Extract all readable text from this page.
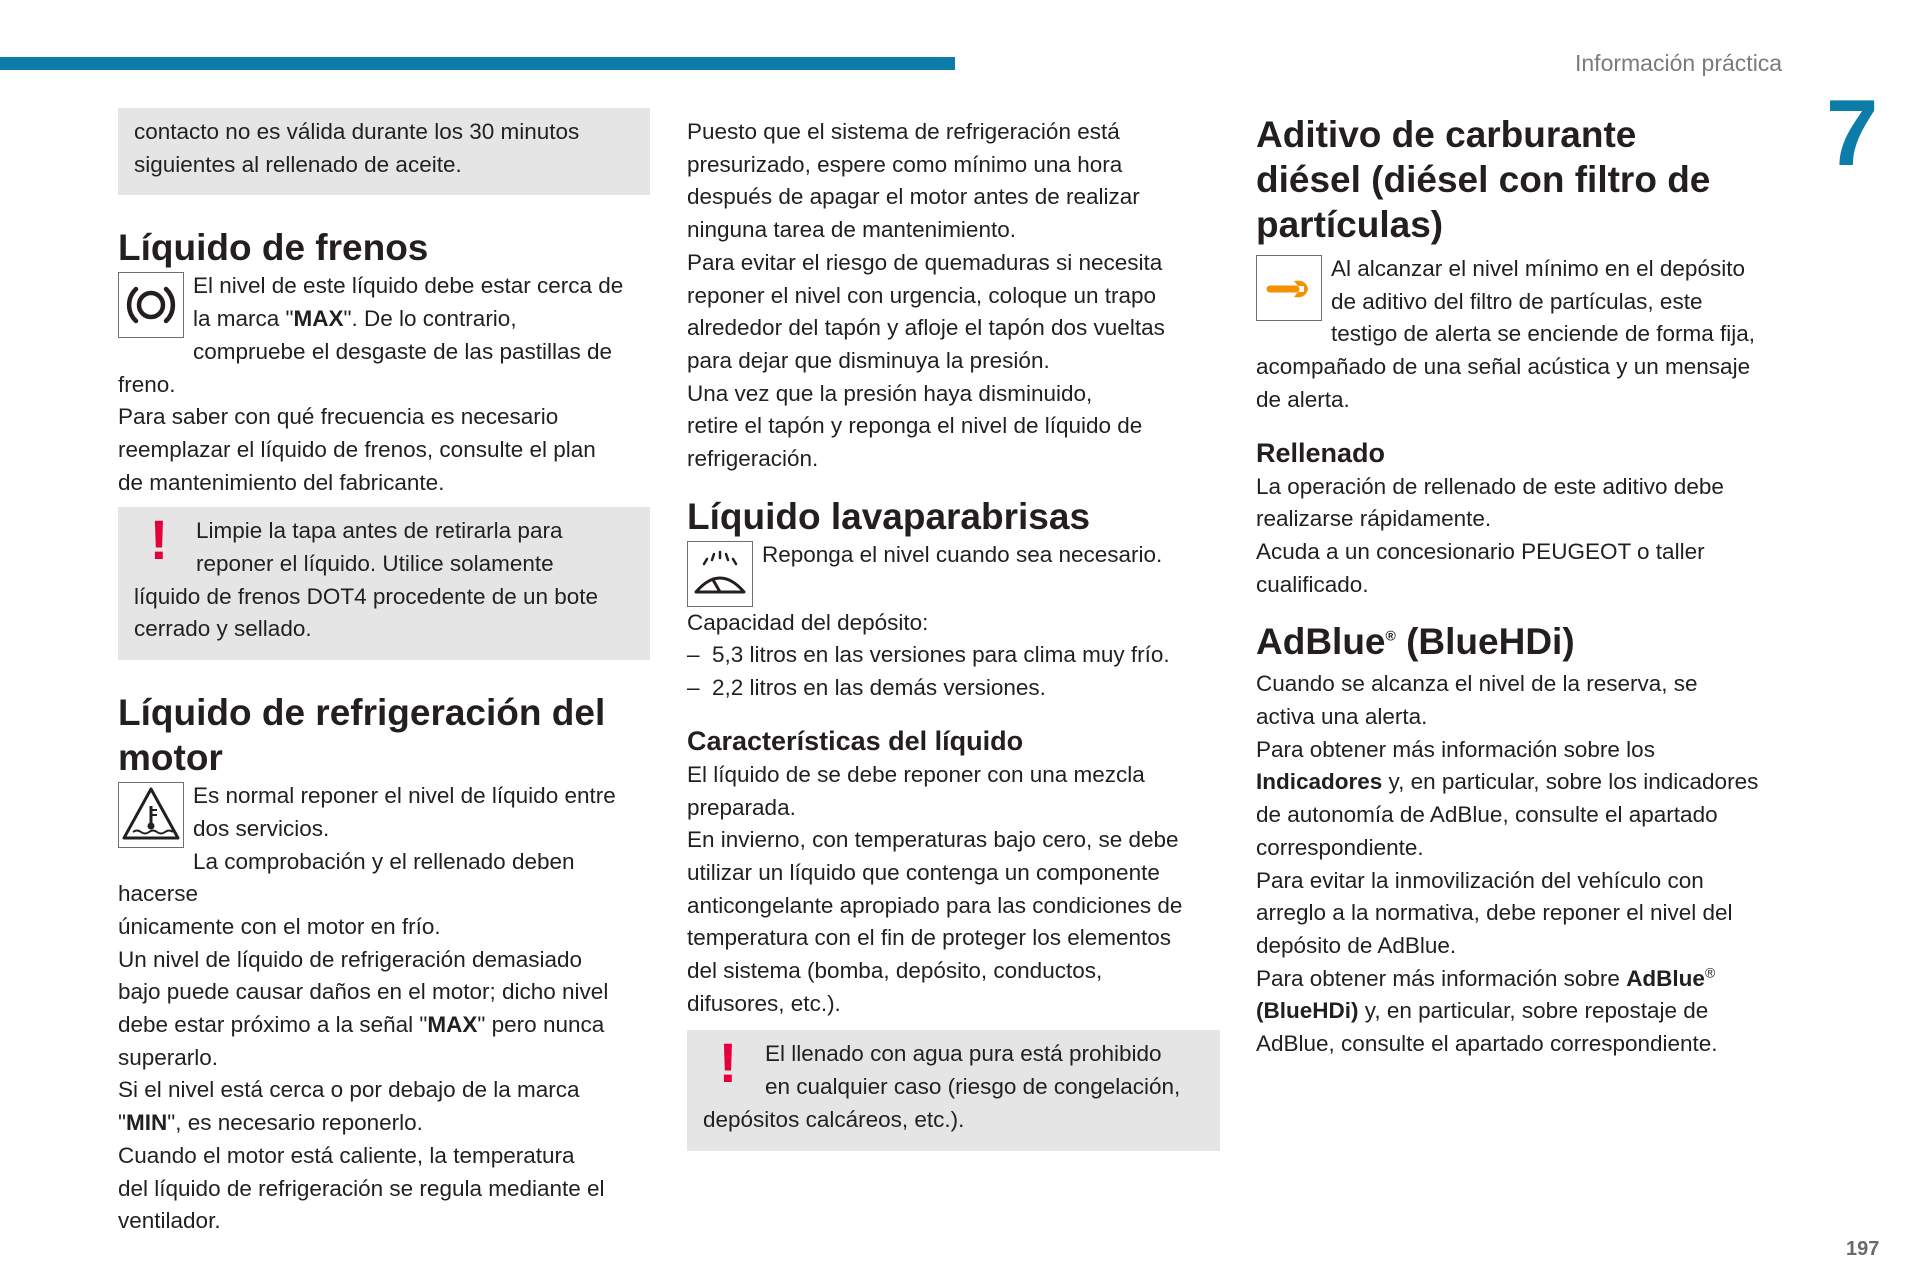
Información práctica
7
197

contacto no es válida durante los 30 minutos

siguientes al rellenado de aceite.

Líquido de frenos

El nivel de este líquido debe estar cerca de

la marca "MAX". De lo contrario,

compruebe el desgaste de las pastillas de freno.

Para saber con qué frecuencia es necesario

reemplazar el líquido de frenos, consulte el plan

de mantenimiento del fabricante.

!	Limpie la tapa antes de retirarla para

reponer el líquido. Utilice solamente

líquido de frenos DOT4 procedente de un bote

cerrado y sellado.

Líquido de refrigeración del
motor

Es normal reponer el nivel de líquido entre

dos servicios.

La comprobación y el rellenado deben hacerse

únicamente con el motor en frío.

Un nivel de líquido de refrigeración demasiado

bajo puede causar daños en el motor; dicho nivel

debe estar próximo a la señal "MAX" pero nunca

superarlo.

Si el nivel está cerca o por debajo de la marca

"MIN", es necesario reponerlo.

Cuando el motor está caliente, la temperatura

del líquido de refrigeración se regula mediante el

ventilador.

Puesto que el sistema de refrigeración está

presurizado, espere como mínimo una hora

después de apagar el motor antes de realizar

ninguna tarea de mantenimiento.

Para evitar el riesgo de quemaduras si necesita

reponer el nivel con urgencia, coloque un trapo

alrededor del tapón y afloje el tapón dos vueltas

para dejar que disminuya la presión.

Una vez que la presión haya disminuido,

retire el tapón y reponga el nivel de líquido de

refrigeración.

Líquido lavaparabrisas

Reponga el nivel cuando sea necesario.

Capacidad del depósito:

– 5,3 litros en las versiones para clima muy frío.
– 2,2 litros en las demás versiones.
Características del líquido

El líquido de se debe reponer con una mezcla

preparada.

En invierno, con temperaturas bajo cero, se debe

utilizar un líquido que contenga un componente

anticongelante apropiado para las condiciones de

temperatura con el fin de proteger los elementos

del sistema (bomba, depósito, conductos,

difusores, etc.).

!	El llenado con agua pura está prohibido

en cualquier caso (riesgo de congelación,

depósitos calcáreos, etc.).

Aditivo de carburante
diésel (diésel con filtro de
partículas)

Al alcanzar el nivel mínimo en el depósito

de aditivo del filtro de partículas, este

testigo de alerta se enciende de forma fija,

acompañado de una señal acústica y un mensaje

de alerta.

Rellenado

La operación de rellenado de este aditivo debe

realizarse rápidamente.

Acuda a un concesionario PEUGEOT o taller

cualificado.

AdBlue® (BlueHDi)

Cuando se alcanza el nivel de la reserva, se

activa una alerta.

Para obtener más información sobre los

Indicadores y, en particular, sobre los indicadores

de autonomía de AdBlue, consulte el apartado

correspondiente.

Para evitar la inmovilización del vehículo con

arreglo a la normativa, debe reponer el nivel del

depósito de AdBlue.

Para obtener más información sobre AdBlue®

(BlueHDi) y, en particular, sobre repostaje de

AdBlue, consulte el apartado correspondiente.
